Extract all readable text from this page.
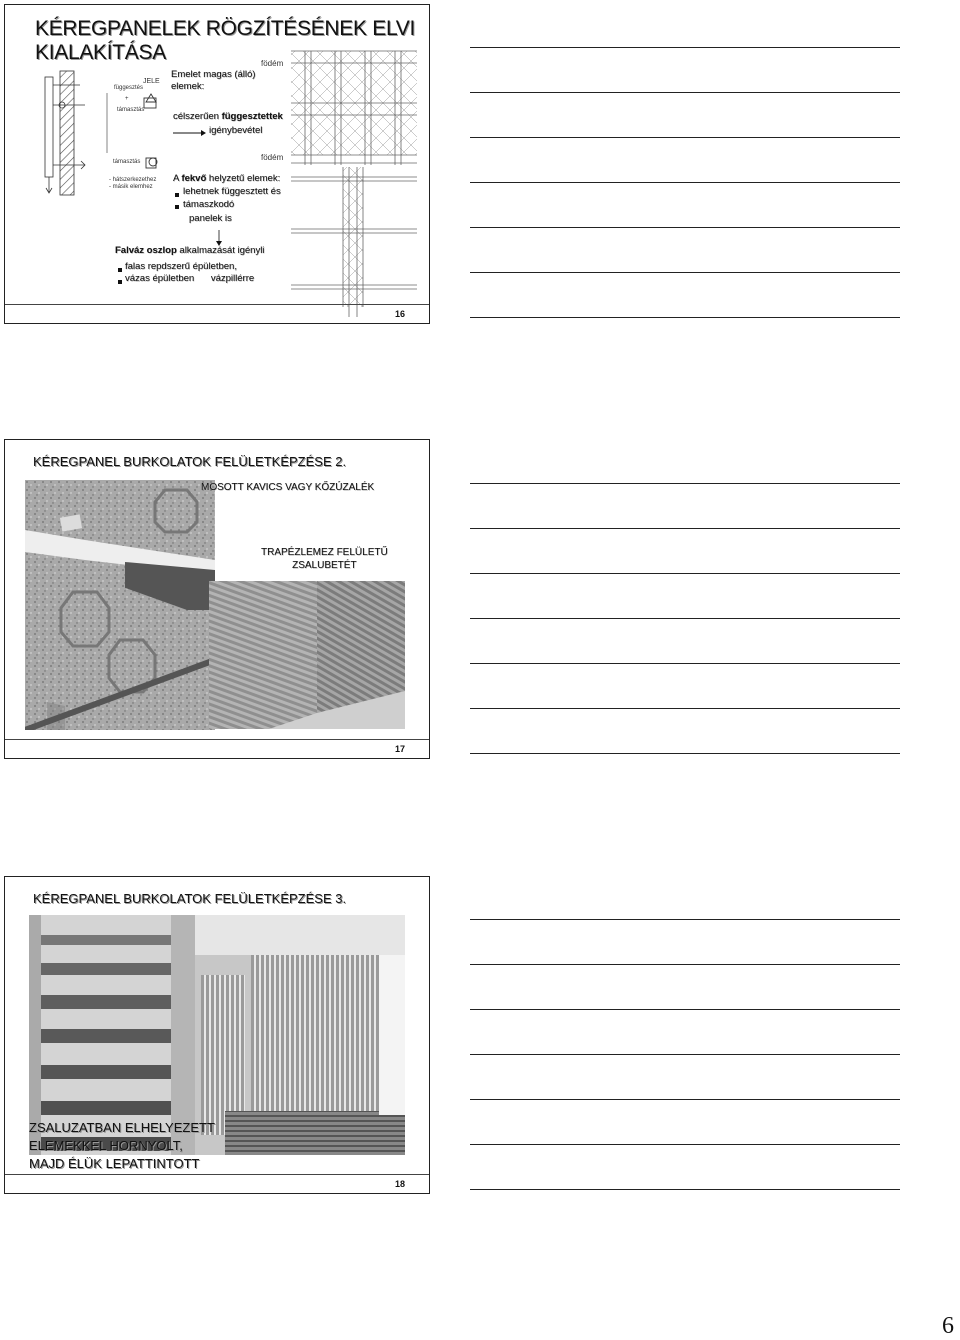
KÉREGPANELEK RÖGZÍTÉSÉNEK ELVI
KIALAKÍTÁSA	födém
függesztés
+
támasztás
JELE
támasztás
- hátszerkezethez
- másik elemhez
Emelet magas (álló)
elemek:
célszerűen függesztettek
igénybevétel
födém
A fekvő helyzetű elemek:
lehetnek függesztett és
támaszkodó
panelek is
Falváz oszlop alkalmazását igényli
falas repdszerű épületben,
vázas épületben vázpillérre
16
KÉREGPANEL BURKOLATOK FELÜLETKÉPZÉSE 2.
MOSOTT KAVICS VAGY KŐZÚZALÉK
TRAPÉZLEMEZ FELÜLETŰ
ZSALUBETÉT
17
KÉREGPANEL BURKOLATOK FELÜLETKÉPZÉSE 3.
ZSALUZATBAN ELHELYEZETT
ELEMEKKEL HORNYOLT,
MAJD ÉLÜK LEPATTINTOTT
18
6
